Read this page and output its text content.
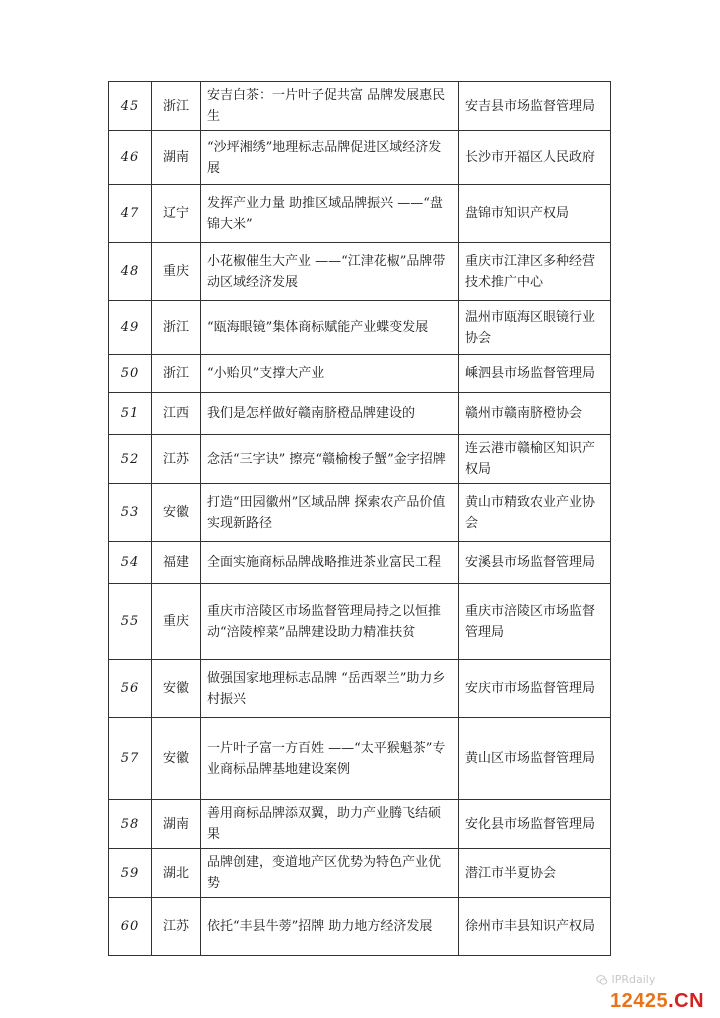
45	浙江	安吉白茶：一片叶子促共富 品牌发展惠民生	安吉县市场监督管理局
46	湖南	“沙坪湘绣”地理标志品牌促进区域经济发展	长沙市开福区人民政府
47	辽宁	发挥产业力量 助推区域品牌振兴 ——“盘锦大米”	盘锦市知识产权局
48	重庆	小花椒催生大产业 ——“江津花椒”品牌带动区域经济发展	重庆市江津区多种经营技术推广中心
49	浙江	“瓯海眼镜”集体商标赋能产业蝶变发展	温州市瓯海区眼镜行业协会
50	浙江	“小贻贝”支撑大产业	嵊泗县市场监督管理局
51	江西	我们是怎样做好赣南脐橙品牌建设的	赣州市赣南脐橙协会
52	江苏	念活“三字诀” 擦亮“赣榆梭子蟹”金字招牌	连云港市赣榆区知识产权局
53	安徽	打造“田园徽州”区域品牌 探索农产品价值实现新路径	黄山市精致农业产业协会
54	福建	全面实施商标品牌战略推进茶业富民工程	安溪县市场监督管理局
55	重庆	重庆市涪陵区市场监督管理局持之以恒推动“涪陵榨菜”品牌建设助力精准扶贫	重庆市涪陵区市场监督管理局
56	安徽	做强国家地理标志品牌 “岳西翠兰”助力乡村振兴	安庆市市场监督管理局
57	安徽	一片叶子富一方百姓 ——“太平猴魁茶”专业商标品牌基地建设案例	黄山区市场监督管理局
58	湖南	善用商标品牌添双翼，助力产业腾飞结硕果	安化县市场监督管理局
59	湖北	品牌创建，变道地产区优势为特色产业优势	潜江市半夏协会
60	江苏	依托“丰县牛蒡”招牌 助力地方经济发展	徐州市丰县知识产权局
IPRdaily
12425.CN
